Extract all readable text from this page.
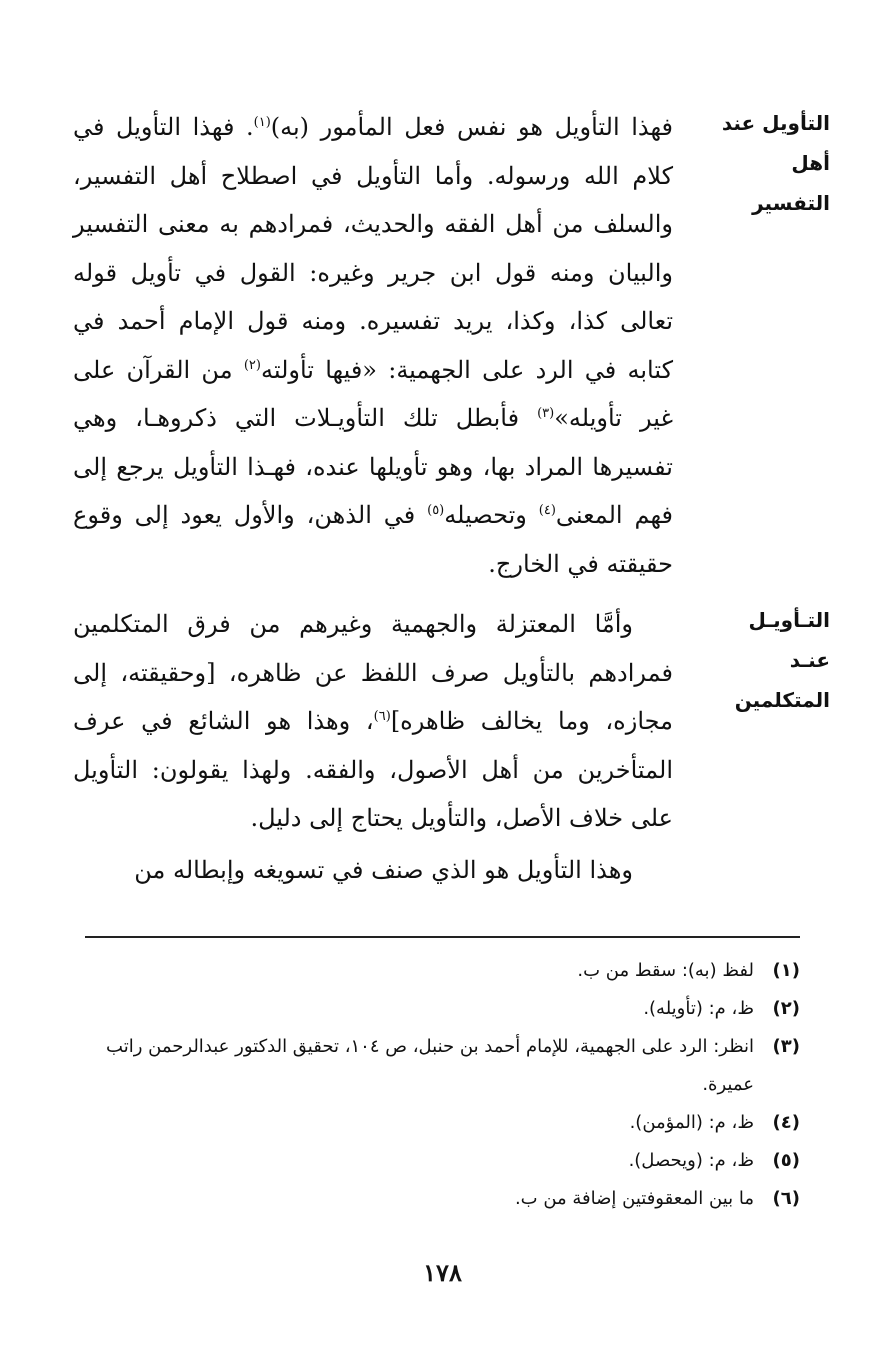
التأويل عند أهل
التفسير

فهذا التأويل هو نفس فعل المأمور (به)$^{(١)}$. فهذا التأويل في كلام الله ورسوله. وأما التأويل في اصطلاح أهل التفسير، والسلف من أهل الفقه والحديث، فمرادهم به معنى التفسير والبيان ومنه قول ابن جرير وغيره: القول في تأويل قوله تعالى كذا، وكذا، يريد تفسيره. ومنه قول الإمام أحمد في كتابه في الرد على الجهمية: «فيها تأولته$^{(٢)}$ من القرآن على غير تأويله»$^{(٣)}$ فأبطل تلك التأويـلات التي ذكروهـا، وهي تفسيرها المراد بها، وهو تأويلها عنده، فهـذا التأويل يرجع إلى فهم المعنى$^{(٤)}$ وتحصيله$^{(٥)}$ في الذهن، والأول يعود إلى وقوع حقيقته في الخارج.

التـأويـل عنـد
المتكلمين

وأمَّا المعتزلة والجهمية وغيرهم من فرق المتكلمين فمرادهم بالتأويل صرف اللفظ عن ظاهره، [وحقيقته، إلى مجازه، وما يخالف ظاهره]$^{(٦)}$، وهذا هو الشائع في عرف المتأخرين من أهل الأصول، والفقه. ولهذا يقولون: التأويل على خلاف الأصل، والتأويل يحتاج إلى دليل.

وهذا التأويل هو الذي صنف في تسويغه وإبطاله من

(١)
لفظ (به): سقط من ب.
(٢)
ظ، م: (تأويله).
(٣)
انظر: الرد على الجهمية، للإمام أحمد بن حنبل، ص ١٠٤، تحقيق الدكتور عبدالرحمن راتب عميرة.
(٤)
ظ، م: (المؤمن).
(٥)
ظ، م: (ويحصل).
(٦)
ما بين المعقوفتين إضافة من ب.
١٧٨
